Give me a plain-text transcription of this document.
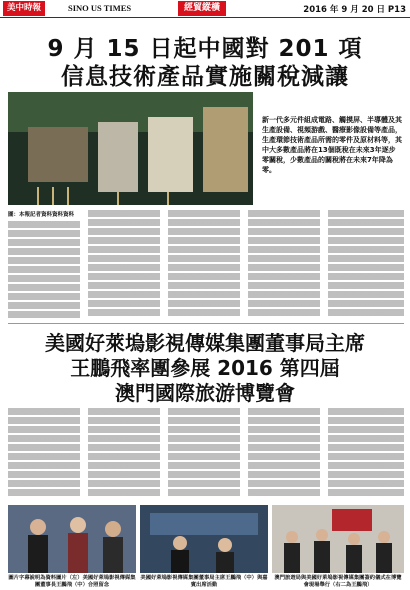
美中時報	SINO US TIMES	經貿縱橫	2016 年 9 月 20 日 P13
9 月 15 日起中國對 201 項
信息技術產品實施關稅減讓
新一代多元件組成電路、觸摸屏、半導體及其生產設備、視頻游戲、醫療影像設備等產品，生產環節技術產品所需的零件及原材料等，其中大多數產品將在13個既稅在未來3年逐步零關稅，少數產品的關稅將在未來7年降為零。
圖：本報記者資料資料資料
美國好萊塢影視傳媒集團董事局主席
王鵬飛率團參展 2016 第四屆
澳門國際旅游博覽會
圖片字幕說明為資料圖片（左）美國好萊塢影視傳媒集團董事長王鵬飛（中）合照留念
美國好萊塢影視傳媒集團董事局主席王鵬飛（中）與嘉賓出席活動
澳門旅遊局與美國好萊塢影視傳媒集團簽約儀式在博覽會現場舉行（右二為王鵬飛）
